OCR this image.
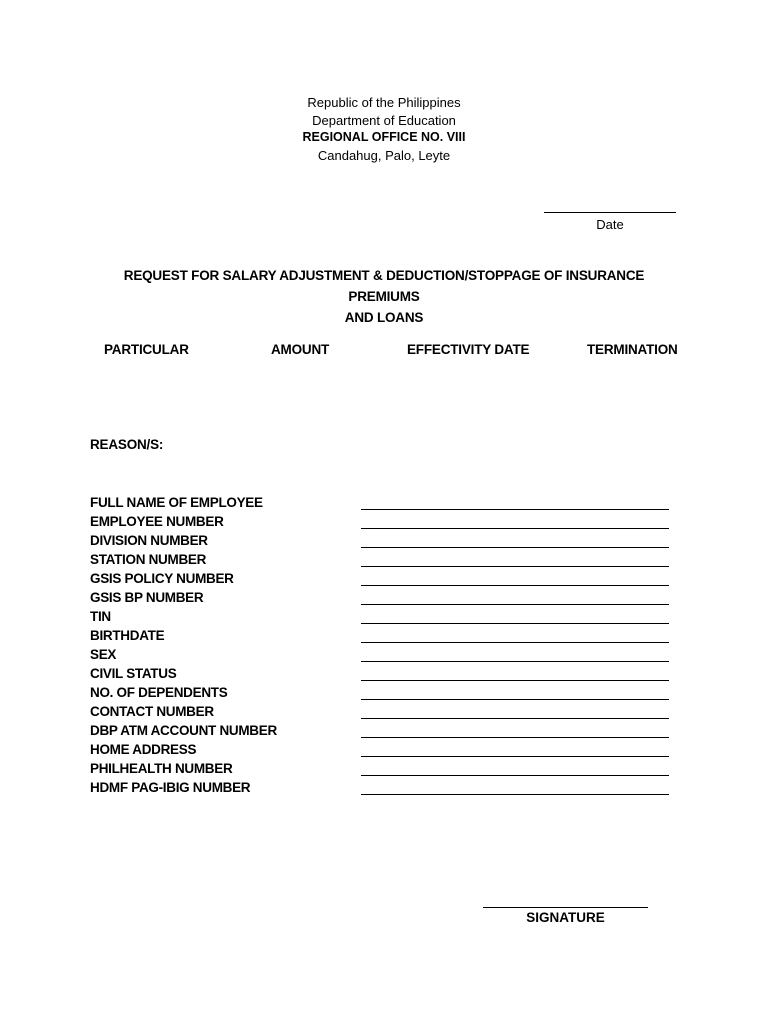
Republic of the Philippines
Department of Education
REGIONAL OFFICE NO. VIII
Candahug, Palo, Leyte
Date
REQUEST FOR SALARY ADJUSTMENT & DEDUCTION/STOPPAGE OF INSURANCE PREMIUMS
AND LOANS
PARTICULAR	AMOUNT	EFFECTIVITY DATE	TERMINATION
REASON/S:
FULL NAME OF EMPLOYEE
EMPLOYEE NUMBER
DIVISION NUMBER
STATION NUMBER
GSIS POLICY NUMBER
GSIS BP NUMBER
TIN
BIRTHDATE
SEX
CIVIL STATUS
NO. OF DEPENDENTS
CONTACT NUMBER
DBP ATM ACCOUNT NUMBER
HOME ADDRESS
PHILHEALTH NUMBER
HDMF PAG-IBIG NUMBER
SIGNATURE
